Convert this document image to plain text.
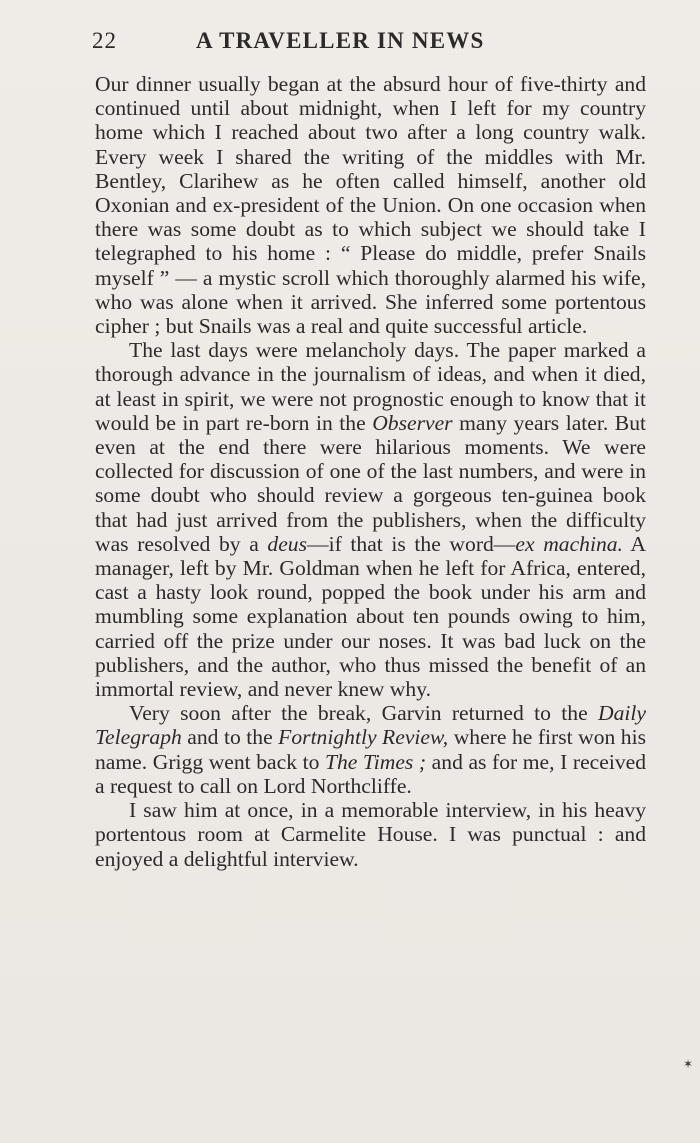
22	A TRAVELLER IN NEWS

Our dinner usually began at the absurd hour of five-thirty and continued until about midnight, when I left for my country home which I reached about two after a long country walk. Every week I shared the writing of the middles with Mr. Bentley, Clarihew as he often called himself, another old Oxonian and ex-president of the Union. On one occasion when there was some doubt as to which subject we should take I telegraphed to his home : “ Please do middle, prefer Snails myself ” — a mystic scroll which thoroughly alarmed his wife, who was alone when it arrived. She inferred some portentous cipher ; but Snails was a real and quite successful article.

The last days were melancholy days. The paper marked a thorough advance in the journalism of ideas, and when it died, at least in spirit, we were not prognostic enough to know that it would be in part re-born in the Observer many years later. But even at the end there were hilarious moments. We were collected for discussion of one of the last numbers, and were in some doubt who should review a gorgeous ten-guinea book that had just arrived from the publishers, when the difficulty was resolved by a deus—if that is the word—ex machina. A manager, left by Mr. Goldman when he left for Africa, entered, cast a hasty look round, popped the book under his arm and mumbling some explanation about ten pounds owing to him, carried off the prize under our noses. It was bad luck on the publishers, and the author, who thus missed the benefit of an immortal review, and never knew why.

Very soon after the break, Garvin returned to the Daily Telegraph and to the Fortnightly Review, where he first won his name. Grigg went back to The Times ; and as for me, I received a request to call on Lord Northcliffe.

I saw him at once, in a memorable interview, in his heavy portentous room at Carmelite House. I was punctual : and enjoyed a delightful interview.

✶
